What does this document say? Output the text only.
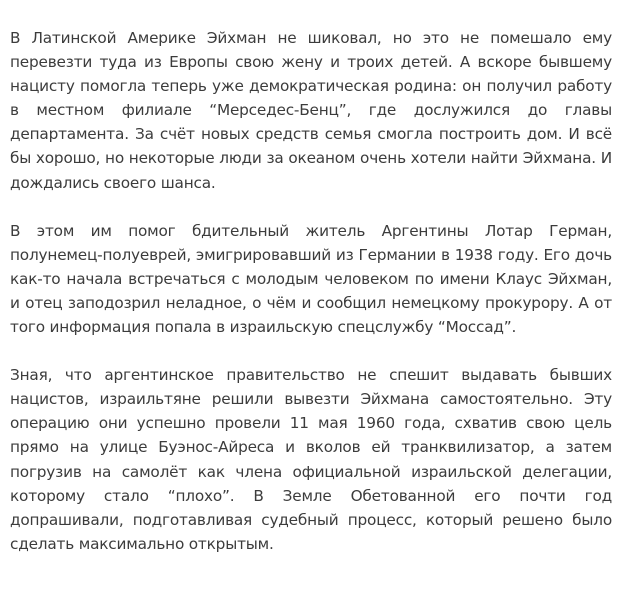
В Латинской Америке Эйхман не шиковал, но это не помешало ему перевезти туда из Европы свою жену и троих детей. А вскоре бывшему нацисту помогла теперь уже демократическая родина: он получил работу в местном филиале “Мерседес-Бенц”, где дослужился до главы департамента. За счёт новых средств семья смогла построить дом. И всё бы хорошо, но некоторые люди за океаном очень хотели найти Эйхмана. И дождались своего шанса.

В этом им помог бдительный житель Аргентины Лотар Герман, полунемец-полуеврей, эмигрировавший из Германии в 1938 году. Его дочь как-то начала встречаться с молодым человеком по имени Клаус Эйхман, и отец заподозрил неладное, о чём и сообщил немецкому прокурору. А от того информация попала в израильскую спецслужбу “Моссад”.

Зная, что аргентинское правительство не спешит выдавать бывших нацистов, израильтяне решили вывезти Эйхмана самостоятельно. Эту операцию они успешно провели 11 мая 1960 года, схватив свою цель прямо на улице Буэнос-Айреса и вколов ей транквилизатор, а затем погрузив на самолёт как члена официальной израильской делегации, которому стало “плохо”. В Земле Обетованной его почти год допрашивали, подготавливая судебный процесс, который решено было сделать максимально открытым.
